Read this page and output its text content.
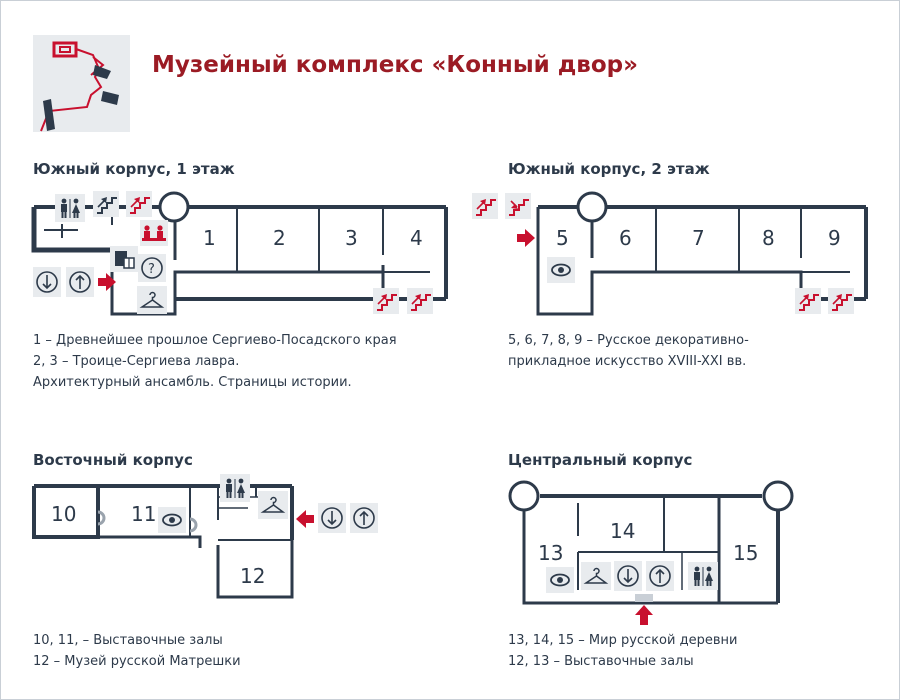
Музейный комплекс «Конный двор»
Южный корпус, 1 этаж	Южный корпус, 2 этаж
Восточный корпус	Центральный корпус
1	2	3	4
?
5	6	7	8	9
10	11
12
13
14
15
1 – Древнейшее прошлое Сергиево-Посадского края
2, 3 – Троице-Сергиева лавра.
Архитектурный ансамбль. Страницы истории.
5, 6, 7, 8, 9 – Русское декоративно-
прикладное искусство XVIII-XXI вв.
10, 11, – Выставочные залы
12 – Музей русской Матрешки
13, 14, 15 – Мир русской деревни
12, 13 – Выставочные залы
